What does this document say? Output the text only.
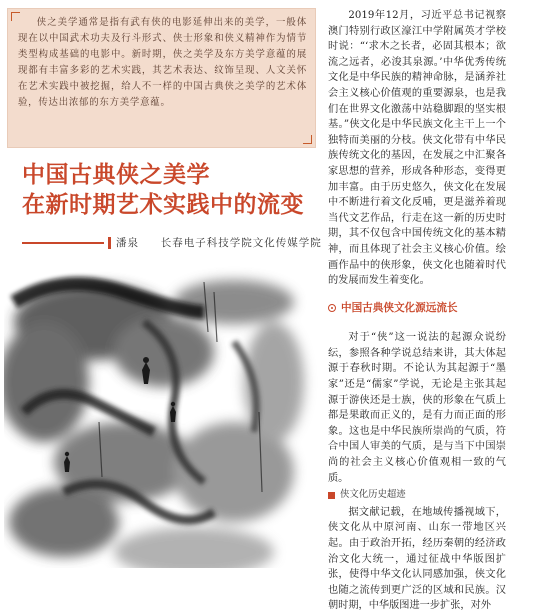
侠之美学通常是指有武有侠的电影延伸出来的美学，一般体现在以中国武术功夫及行斗形式、侠士形象和侠义精神作为情节类型构成基础的电影中。新时期，侠之美学及东方美学意蕴的展现都有丰富多彩的艺术实践，其艺术表达、纹饰呈现、人文关怀在艺术实践中被挖掘，给人不一样的中国古典侠之美学的艺术体验，传达出浓郁的东方美学意蕴。

中国古典侠之美学
在新时期艺术实践中的流变
潘泉 长春电子科技学院文化传媒学院

2019年12月，习近平总书记视察澳门特别行政区濠江中学附属英才学校时说：“‘求木之长者，必固其根本；欲流之远者，必浚其泉源。’中华优秀传统文化是中华民族的精神命脉，是涵养社会主义核心价值观的重要源泉，也是我们在世界文化激荡中站稳脚跟的坚实根基。”侠文化是中华民族文化主干上一个独特而美丽的分枝。侠文化带有中华民族传统文化的基因，在发展之中汇聚各家思想的营养，形成各种形态，变得更加丰富。由于历史悠久，侠文化在发展中不断进行着文化反哺，更是滋养着现当代文艺作品，行走在这一新的历史时期，其不仅包含中国传统文化的基本精神，而且体现了社会主义核心价值。绘画作品中的侠形象，侠文化也随着时代的发展而发生着变化。

中国古典侠文化源远流长

对于“侠”这一说法的起源众说纷纭，参照各种学说总结来讲，其大体起源于春秋时期。不论认为其起源于“墨家”还是“儒家”学说，无论是主张其起源于游侠还是士族，侠的形象在气质上都是果敢而正义的，是有力而正面的形象。这也是中华民族所崇尚的气质，符合中国人审美的气质，是与当下中国崇尚的社会主义核心价值观相一致的气质。

侠文化历史超迹

据文献记载，在地域传播视域下，侠文化从中原河南、山东一带地区兴起。由于政治开拓，经历秦朝的经济政治文化大统一，通过征战中华版图扩张，使得中华文化认同感加强，侠文化也随之流传到更广泛的区域和民族。汉朝时期，中华版图进一步扩张，对外
